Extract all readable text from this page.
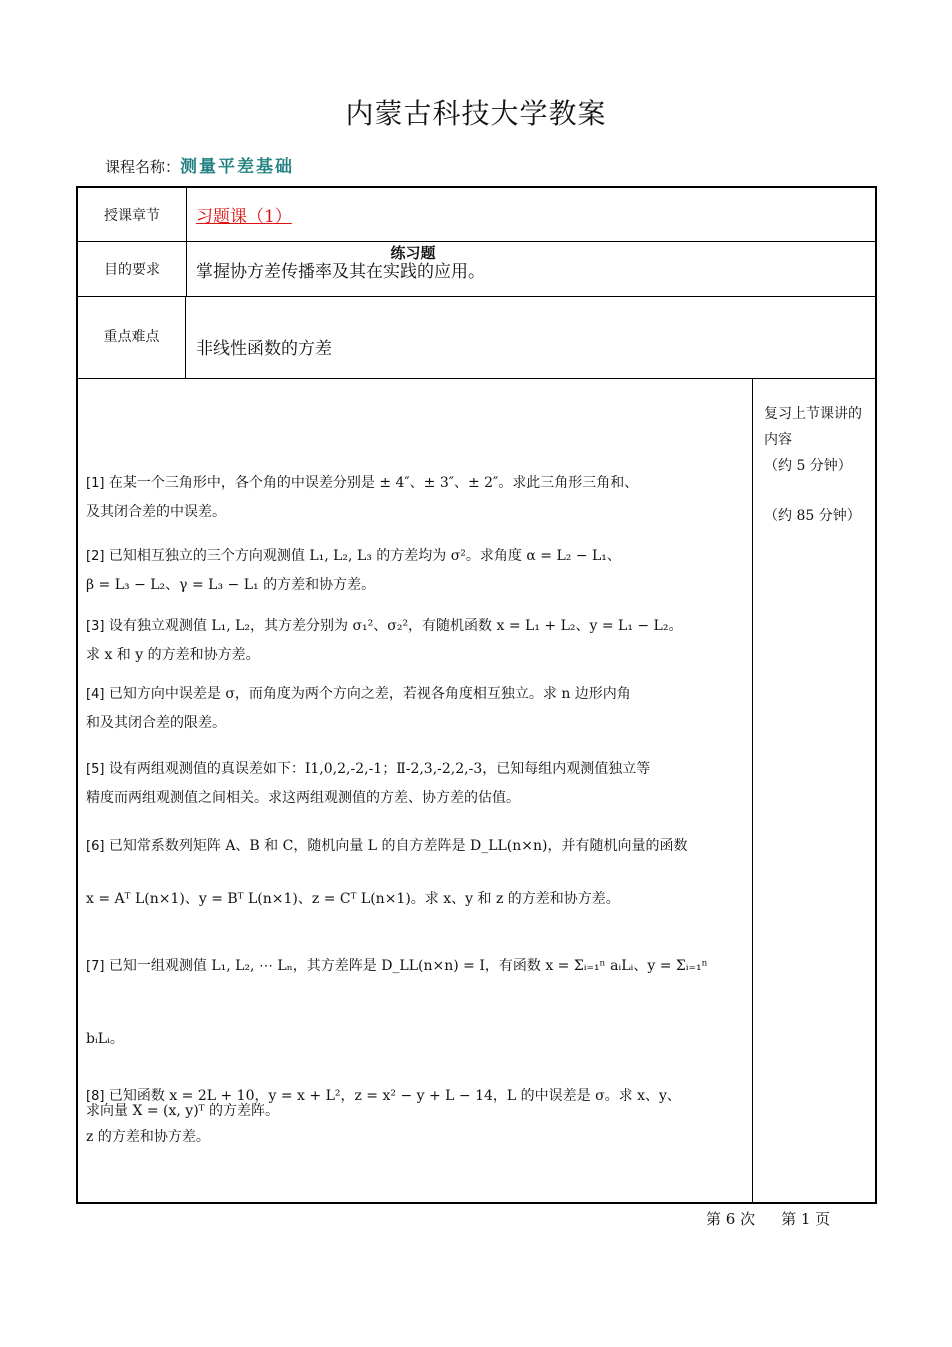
内蒙古科技大学教案
课程名称：测量平差基础
授课章节	习题课（1）
目的要求	掌握协方差传播率及其在实践的应用。
重点难点
非线性函数的方差
复习上节课讲的内容
（约 5 分钟）
（约 85 分钟）
练习题
[1] 在某一个三角形中，各个角的中误差分别是 ± 4″、± 3″、± 2″。求此三角形三角和、
及其闭合差的中误差。
[2] 已知相互独立的三个方向观测值 L₁, L₂, L₃ 的方差均为 σ²。求角度 α = L₂ − L₁、
β = L₃ − L₂、γ = L₃ − L₁ 的方差和协方差。
[3] 设有独立观测值 L₁, L₂，其方差分别为 σ₁²、σ₂²，有随机函数 x = L₁ + L₂、y = L₁ − L₂。
求 x 和 y 的方差和协方差。
[4] 已知方向中误差是 σ，而角度为两个方向之差，若视各角度相互独立。求 n 边形内角
和及其闭合差的限差。
[5] 设有两组观测值的真误差如下：Ⅰ1,0,2,-2,-1；Ⅱ-2,3,-2,2,-3，已知每组内观测值独立等
精度而两组观测值之间相关。求这两组观测值的方差、协方差的估值。
[6] 已知常系数列矩阵 A、B 和 C，随机向量 L 的自方差阵是 D_LL(n×n)，并有随机向量的函数
x = Aᵀ L(n×1)、y = Bᵀ L(n×1)、z = Cᵀ L(n×1)。求 x、y 和 z 的方差和协方差。
[7] 已知一组观测值 L₁, L₂, ⋯ Lₙ，其方差阵是 D_LL(n×n) = I，有函数 x = Σᵢ₌₁ⁿ aᵢLᵢ、y = Σᵢ₌₁ⁿ bᵢLᵢ。
求向量 X = (x, y)ᵀ 的方差阵。
[8] 已知函数 x = 2L + 10，y = x + L²，z = x² − y + L − 14，L 的中误差是 σ。求 x、y、
z 的方差和协方差。
第 6 次 第 1 页
